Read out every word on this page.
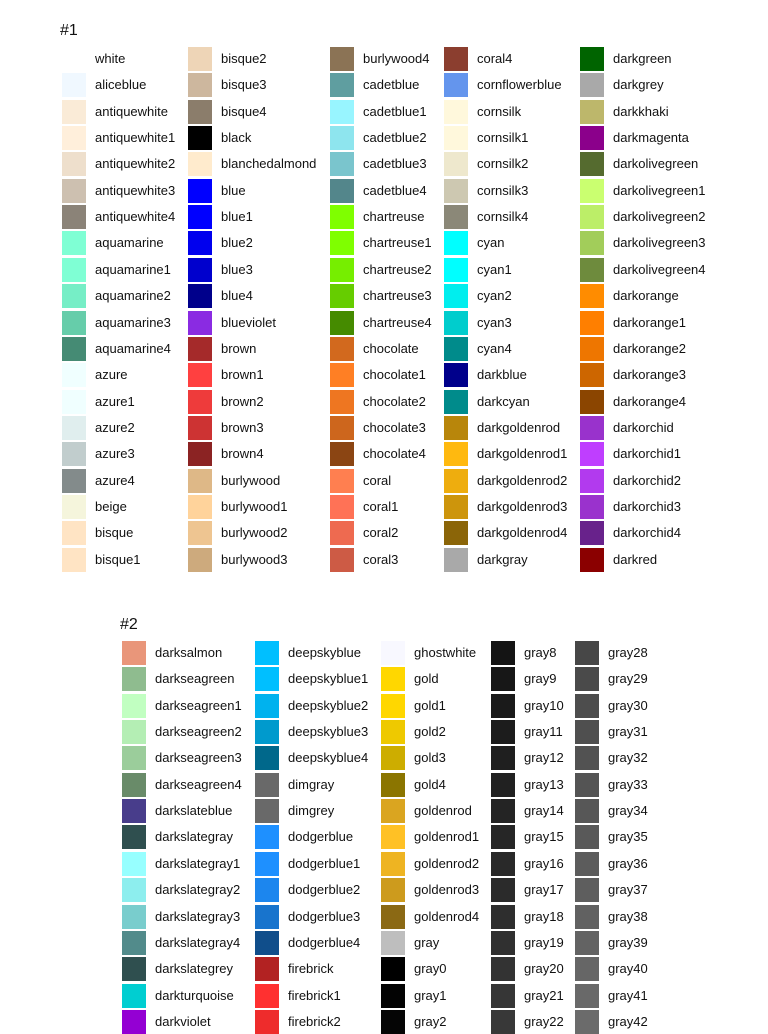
#1
white
aliceblue
antiquewhite
antiquewhite1
antiquewhite2
antiquewhite3
antiquewhite4
aquamarine
aquamarine1
aquamarine2
aquamarine3
aquamarine4
azure
azure1
azure2
azure3
azure4
beige
bisque
bisque1
bisque2
bisque3
bisque4
black
blanchedalmond
blue
blue1
blue2
blue3
blue4
blueviolet
brown
brown1
brown2
brown3
brown4
burlywood
burlywood1
burlywood2
burlywood3
burlywood4
cadetblue
cadetblue1
cadetblue2
cadetblue3
cadetblue4
chartreuse
chartreuse1
chartreuse2
chartreuse3
chartreuse4
chocolate
chocolate1
chocolate2
chocolate3
chocolate4
coral
coral1
coral2
coral3
coral4
cornflowerblue
cornsilk
cornsilk1
cornsilk2
cornsilk3
cornsilk4
cyan
cyan1
cyan2
cyan3
cyan4
darkblue
darkcyan
darkgoldenrod
darkgoldenrod1
darkgoldenrod2
darkgoldenrod3
darkgoldenrod4
darkgray
darkgreen
darkgrey
darkkhaki
darkmagenta
darkolivegreen
darkolivegreen1
darkolivegreen2
darkolivegreen3
darkolivegreen4
darkorange
darkorange1
darkorange2
darkorange3
darkorange4
darkorchid
darkorchid1
darkorchid2
darkorchid3
darkorchid4
darkred
#2
darksalmon
darkseagreen
darkseagreen1
darkseagreen2
darkseagreen3
darkseagreen4
darkslateblue
darkslategray
darkslategray1
darkslategray2
darkslategray3
darkslategray4
darkslategrey
darkturquoise
darkviolet
deepskyblue
deepskyblue1
deepskyblue2
deepskyblue3
deepskyblue4
dimgray
dimgrey
dodgerblue
dodgerblue1
dodgerblue2
dodgerblue3
dodgerblue4
firebrick
firebrick1
firebrick2
ghostwhite
gold
gold1
gold2
gold3
gold4
goldenrod
goldenrod1
goldenrod2
goldenrod3
goldenrod4
gray
gray0
gray1
gray2
gray8
gray9
gray10
gray11
gray12
gray13
gray14
gray15
gray16
gray17
gray18
gray19
gray20
gray21
gray22
gray28
gray29
gray30
gray31
gray32
gray33
gray34
gray35
gray36
gray37
gray38
gray39
gray40
gray41
gray42
